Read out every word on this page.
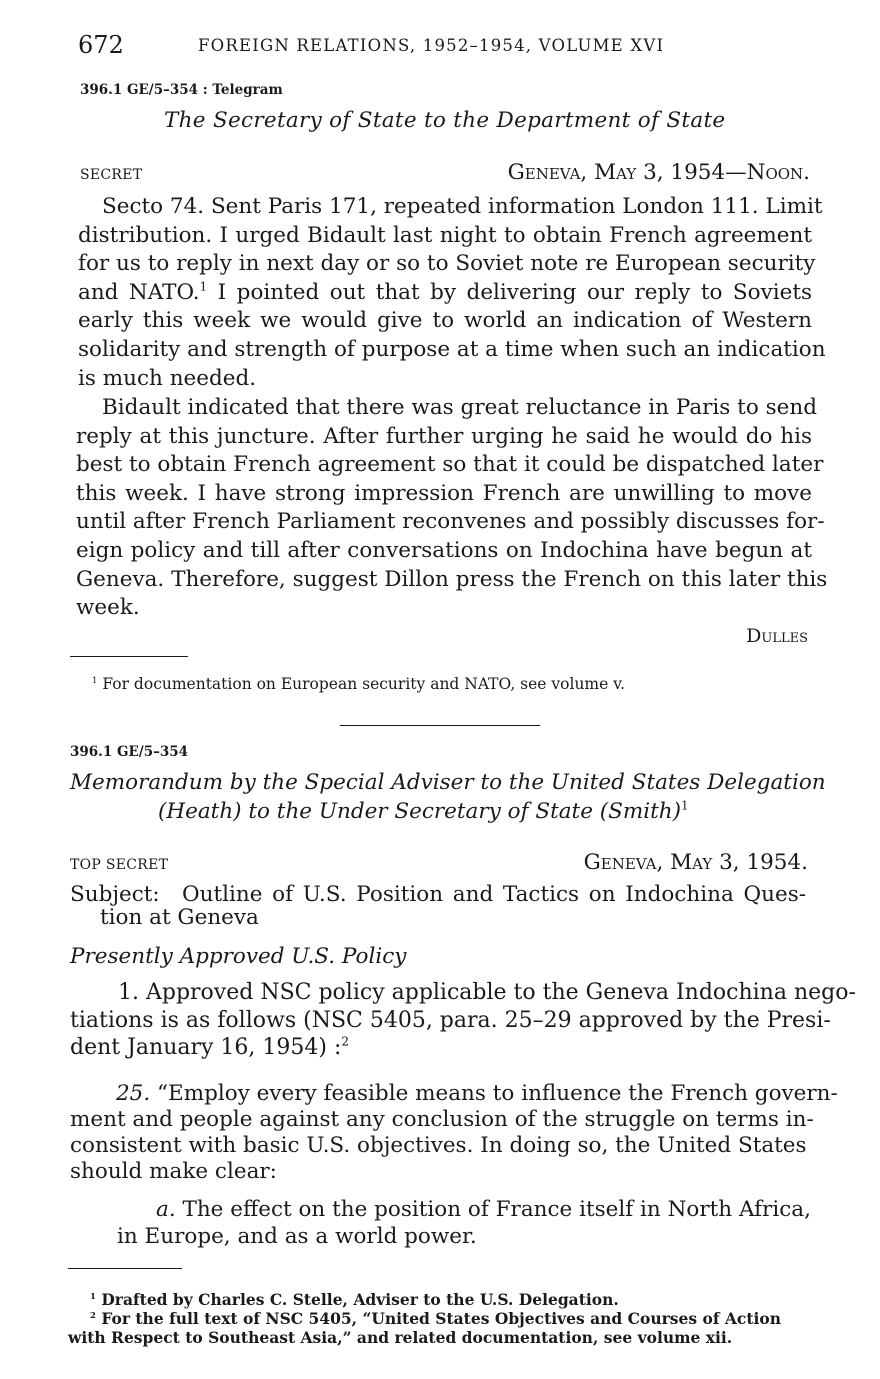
672	FOREIGN RELATIONS, 1952–1954, VOLUME XVI
396.1 GE/5–354 : Telegram
The Secretary of State to the Department of State
SECRET	Geneva, May 3, 1954—Noon.
Secto 74. Sent Paris 171, repeated information London 111. Limit
distribution. I urged Bidault last night to obtain French agreement
for us to reply in next day or so to Soviet note re European security
and NATO.$^1$ I pointed out that by delivering our reply to Soviets
early this week we would give to world an indication of Western
solidarity and strength of purpose at a time when such an indication
is much needed.
Bidault indicated that there was great reluctance in Paris to send
reply at this juncture. After further urging he said he would do his
best to obtain French agreement so that it could be dispatched later
this week. I have strong impression French are unwilling to move
until after French Parliament reconvenes and possibly discusses for-
eign policy and till after conversations on Indochina have begun at
Geneva. Therefore, suggest Dillon press the French on this later this
week.
Dulles
$^1$ For documentation on European security and NATO, see volume v.
396.1 GE/5–354
Memorandum by the Special Adviser to the United States Delegation
(Heath) to the Under Secretary of State (Smith)$^1$
TOP SECRET	Geneva, May 3, 1954.
Subject: Outline of U.S. Position and Tactics on Indochina Ques-
tion at Geneva
Presently Approved U.S. Policy
1. Approved NSC policy applicable to the Geneva Indochina nego-
tiations is as follows (NSC 5405, para. 25–29 approved by the Presi-
dent January 16, 1954) :$^2$
25. “Employ every feasible means to influence the French govern-
ment and people against any conclusion of the struggle on terms in-
consistent with basic U.S. objectives. In doing so, the United States
should make clear:
a. The effect on the position of France itself in North Africa,
in Europe, and as a world power.
$^1$ Drafted by Charles C. Stelle, Adviser to the U.S. Delegation.
$^2$ For the full text of NSC 5405, “United States Objectives and Courses of Action
with Respect to Southeast Asia,” and related documentation, see volume xii.
